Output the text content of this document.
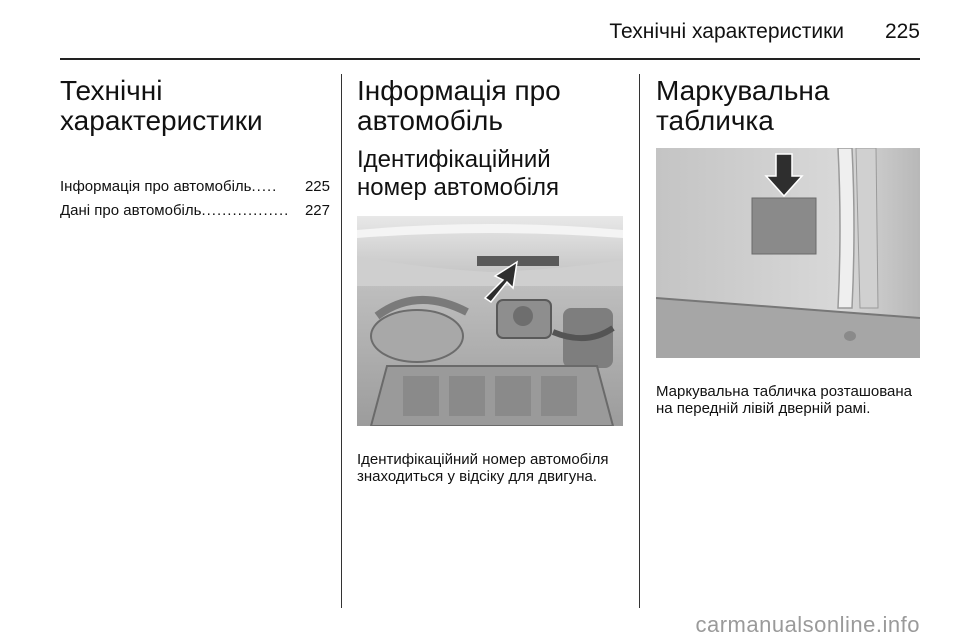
Технічні характеристики 225
Технічні характеристики
Інформація про автомобіль .....	225
Дані про автомобіль .................	227
Інформація про автомобіль
Ідентифікаційний номер автомобіля
Ідентифікаційний номер автомобіля знаходиться у відсіку для двигуна.
Маркувальна табличка
Маркувальна табличка розташована на передній лівій дверній рамі.
carmanualsonline.info
